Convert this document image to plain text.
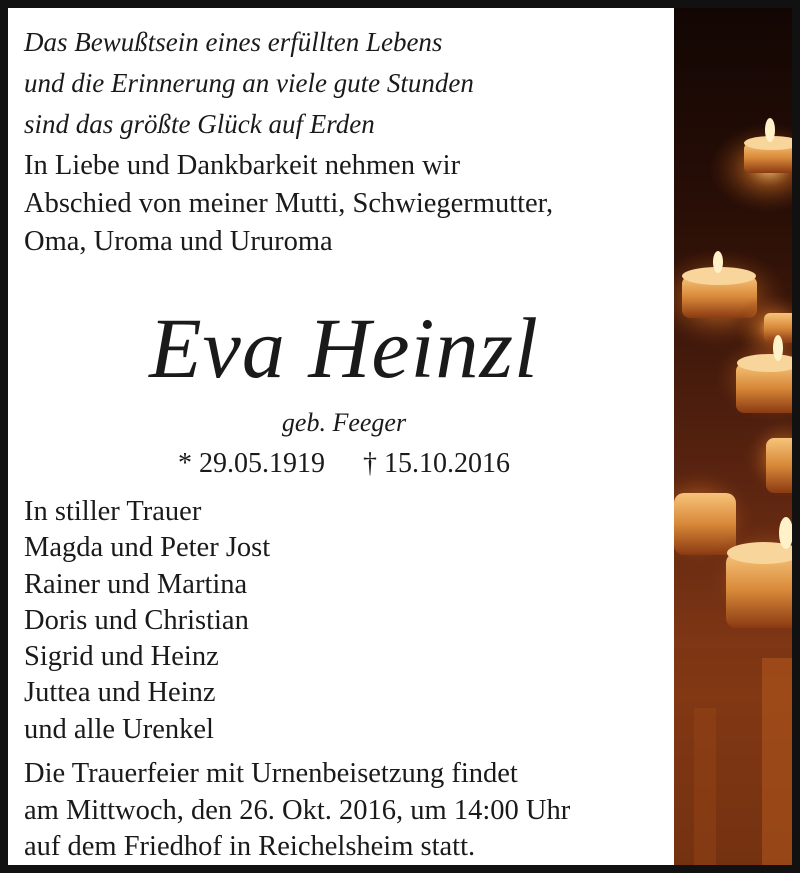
Das Bewußtsein eines erfüllten Lebens
und die Erinnerung an viele gute Stunden
sind das größte Glück auf Erden
In Liebe und Dankbarkeit nehmen wir
Abschied von meiner Mutti, Schwiegermutter,
Oma, Uroma und Ururoma
Eva Heinzl
geb. Feeger
* 29.05.1919 † 15.10.2016
In stiller Trauer
Magda und Peter Jost
Rainer und Martina
Doris und Christian
Sigrid und Heinz
Juttea und Heinz
und alle Urenkel
Die Trauerfeier mit Urnenbeisetzung findet
am Mittwoch, den 26. Okt. 2016, um 14:00 Uhr
auf dem Friedhof in Reichelsheim statt.
